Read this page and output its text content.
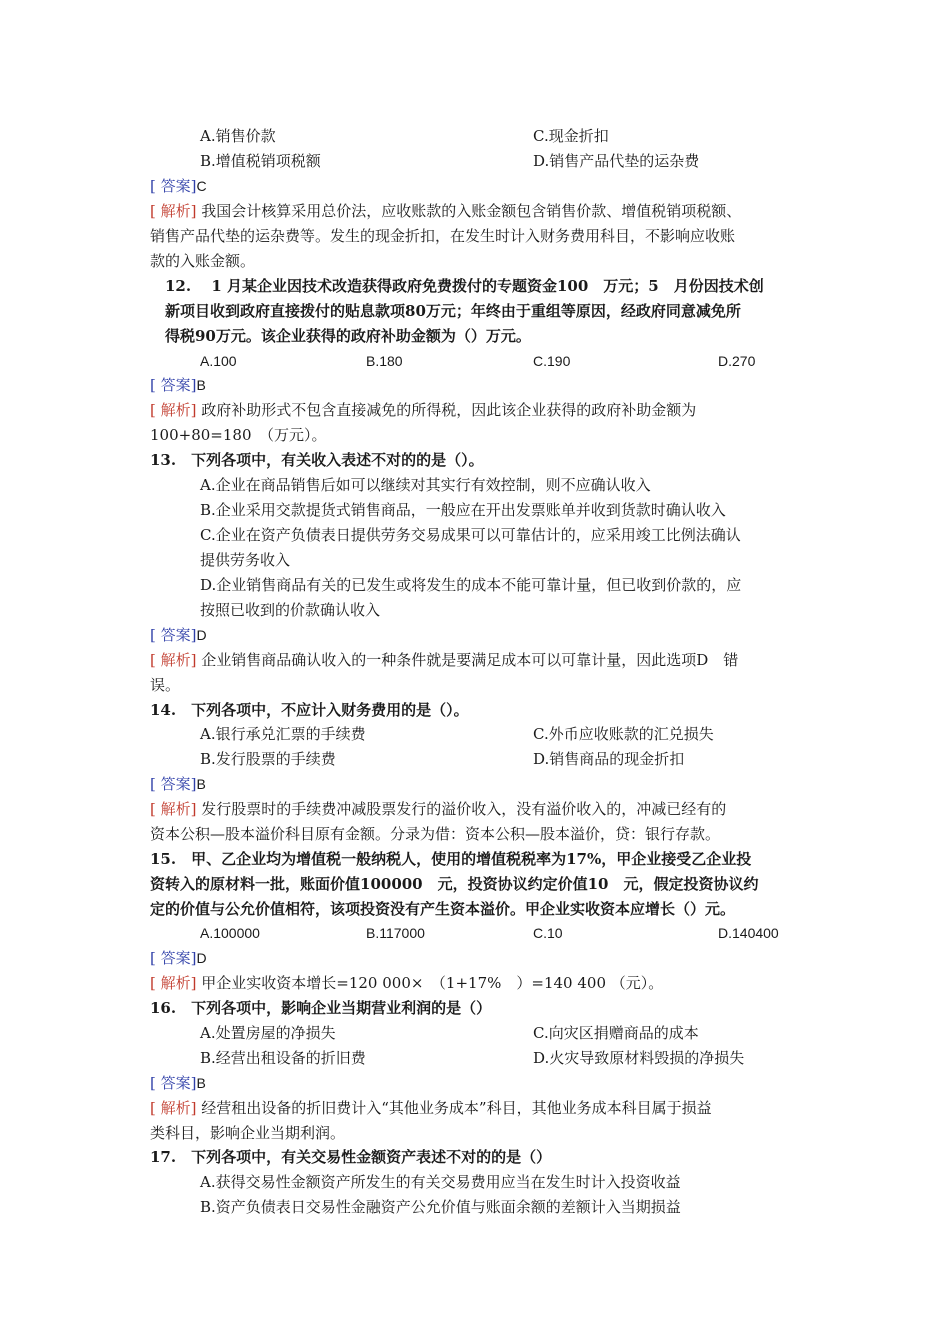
A.销售价款	C.现金折扣
B.增值税销项税额	D.销售产品代垫的运杂费
[ 答案]C
[ 解析] 我国会计核算采用总价法，应收账款的入账金额包含销售价款、增值税销项税额、
销售产品代垫的运杂费等。发生的现金折扣，在发生时计入财务费用科目，不影响应收账
款的入账金额。
12.　 1 月某企业因技术改造获得政府免费拨付的专题资金100　万元；5　月份因技术创
新项目收到政府直接拨付的贴息款项80万元；年终由于重组等原因，经政府同意减免所
得税90万元。该企业获得的政府补助金额为（）万元。
A.100	B.180	C.190	D.270
[ 答案]B
[ 解析] 政府补助形式不包含直接减免的所得税，因此该企业获得的政府补助金额为
100+80=180　（万元）。
13.　下列各项中，有关收入表述不对的的是（）。
A.企业在商品销售后如可以继续对其实行有效控制，则不应确认收入
B.企业采用交款提货式销售商品，一般应在开出发票账单并收到货款时确认收入
C.企业在资产负债表日提供劳务交易成果可以可靠估计的，应采用竣工比例法确认
提供劳务收入
D.企业销售商品有关的已发生或将发生的成本不能可靠计量，但已收到价款的，应
按照已收到的价款确认收入
[ 答案]D
[ 解析] 企业销售商品确认收入的一种条件就是要满足成本可以可靠计量，因此选项D　错
误。
14.　下列各项中，不应计入财务费用的是（）。
A.银行承兑汇票的手续费	C.外币应收账款的汇兑损失
B.发行股票的手续费	D.销售商品的现金折扣
[ 答案]B
[ 解析] 发行股票时的手续费冲减股票发行的溢价收入，没有溢价收入的，冲减已经有的
资本公积—股本溢价科目原有金额。分录为借：资本公积—股本溢价，贷：银行存款。
15.　甲、乙企业均为增值税一般纳税人，使用的增值税税率为17%，甲企业接受乙企业投
资转入的原材料一批，账面价值100000　元，投资协议约定价值10　元，假定投资协议约
定的价值与公允价值相符，该项投资没有产生资本溢价。甲企业实收资本应增长（）元。
A.100000	B.117000	C.10	D.140400
[ 答案]D
[ 解析] 甲企业实收资本增长=120 000×　（1+17%　）=140 400 （元）。
16.　下列各项中，影响企业当期营业利润的是（）
A.处置房屋的净损失	C.向灾区捐赠商品的成本
B.经营出租设备的折旧费	D.火灾导致原材料毁损的净损失
[ 答案]B
[ 解析] 经营租出设备的折旧费计入“其他业务成本”科目，其他业务成本科目属于损益
类科目，影响企业当期利润。
17.　下列各项中，有关交易性金额资产表述不对的的是（）
A.获得交易性金额资产所发生的有关交易费用应当在发生时计入投资收益
B.资产负债表日交易性金融资产公允价值与账面余额的差额计入当期损益
